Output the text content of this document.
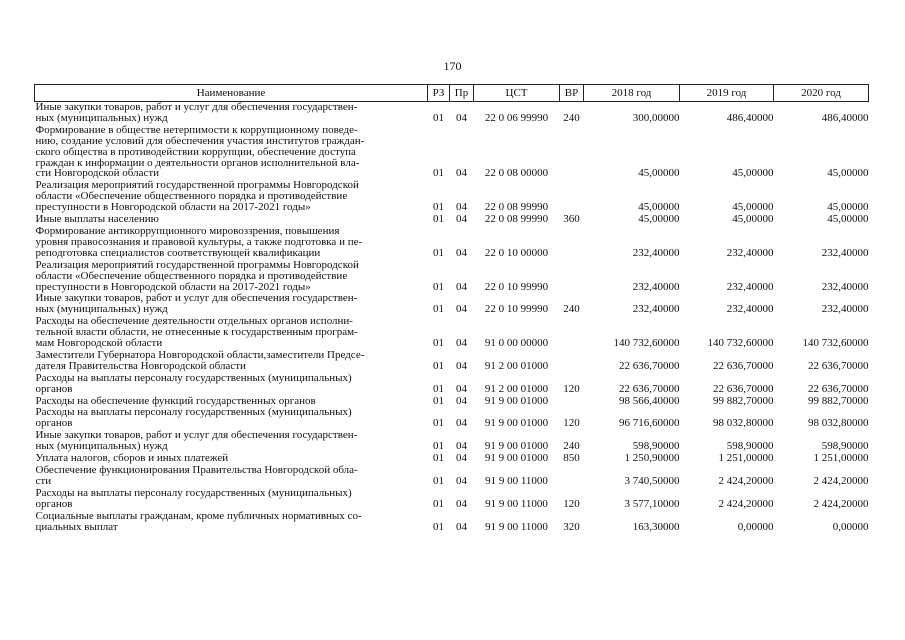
170
Наименование	РЗ	Пр	ЦСТ	ВР	2018 год	2019 год	2020 год

Иные закупки товаров, работ и услуг для обеспечения государствен-
ных (муниципальных) нужд	01	04	22 0 06 99990	240	300,00000	486,40000	486,40000

Формирование в обществе нетерпимости к коррупционному поведе-
нию, создание условий для обеспечения участия институтов граждан-
ского общества в противодействии коррупции, обеспечение доступа
граждан к информации о деятельности органов исполнительной вла-
сти Новгородской области	01	04	22 0 08 00000		45,00000	45,00000	45,00000

Реализация мероприятий государственной программы Новгородской
области «Обеспечение общественного порядка и противодействие
преступности в Новгородской области на 2017-2021 годы»	01	04	22 0 08 99990		45,00000	45,00000	45,00000

Иные выплаты населению	01	04	22 0 08 99990	360	45,00000	45,00000	45,00000

Формирование антикоррупционного мировоззрения, повышения
уровня правосознания и правовой культуры, а также подготовка и пе-
реподготовка специалистов соответствующей квалификации	01	04	22 0 10 00000		232,40000	232,40000	232,40000

Реализация мероприятий государственной программы Новгородской
области «Обеспечение общественного порядка и противодействие
преступности в Новгородской области на 2017-2021 годы»	01	04	22 0 10 99990		232,40000	232,40000	232,40000

Иные закупки товаров, работ и услуг для обеспечения государствен-
ных (муниципальных) нужд	01	04	22 0 10 99990	240	232,40000	232,40000	232,40000

Расходы на обеспечение деятельности отдельных органов исполни-
тельной власти области, не отнесенные к государственным програм-
мам Новгородской области	01	04	91 0 00 00000		140 732,60000	140 732,60000	140 732,60000

Заместители Губернатора Новгородской области,заместители Предсе-
дателя Правительства Новгородской области	01	04	91 2 00 01000		22 636,70000	22 636,70000	22 636,70000

Расходы на выплаты персоналу государственных (муниципальных)
органов	01	04	91 2 00 01000	120	22 636,70000	22 636,70000	22 636,70000

Расходы на обеспечение функций государственных органов	01	04	91 9 00 01000		98 566,40000	99 882,70000	99 882,70000

Расходы на выплаты персоналу государственных (муниципальных)
органов	01	04	91 9 00 01000	120	96 716,60000	98 032,80000	98 032,80000

Иные закупки товаров, работ и услуг для обеспечения государствен-
ных (муниципальных) нужд	01	04	91 9 00 01000	240	598,90000	598,90000	598,90000

Уплата налогов, сборов и иных платежей	01	04	91 9 00 01000	850	1 250,90000	1 251,00000	1 251,00000

Обеспечение функционирования Правительства Новгородской обла-
сти	01	04	91 9 00 11000		3 740,50000	2 424,20000	2 424,20000

Расходы на выплаты персоналу государственных (муниципальных)
органов	01	04	91 9 00 11000	120	3 577,10000	2 424,20000	2 424,20000

Социальные выплаты гражданам, кроме публичных нормативных со-
циальных выплат	01	04	91 9 00 11000	320	163,30000	0,00000	0,00000
